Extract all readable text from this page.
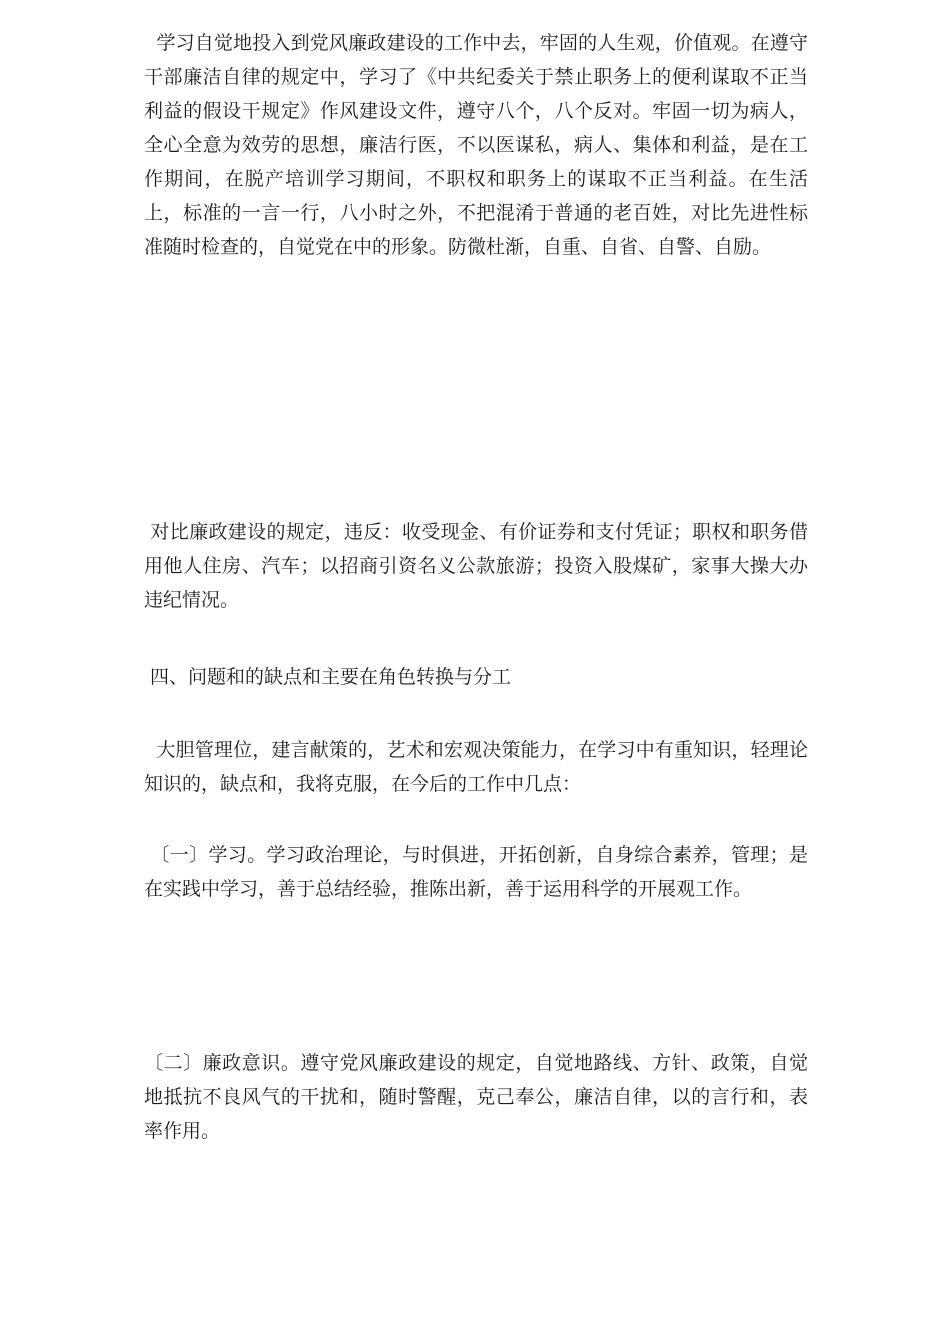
学习自觉地投入到党风廉政建设的工作中去，牢固的人生观，价值观。在遵守干部廉洁自律的规定中，学习了《中共纪委关于禁止职务上的便利谋取不正当利益的假设干规定》作风建设文件，遵守八个，八个反对。牢固一切为病人，全心全意为效劳的思想，廉洁行医，不以医谋私，病人、集体和利益，是在工作期间，在脱产培训学习期间，不职权和职务上的谋取不正当利益。在生活上，标准的一言一行，八小时之外，不把混淆于普通的老百姓，对比先进性标准随时检查的，自觉党在中的形象。防微杜渐，自重、自省、自警、自励。

对比廉政建设的规定，违反：收受现金、有价证券和支付凭证；职权和职务借用他人住房、汽车；以招商引资名义公款旅游；投资入股煤矿，家事大操大办违纪情况。

四、问题和的缺点和主要在角色转换与分工

大胆管理位，建言献策的，艺术和宏观决策能力，在学习中有重知识，轻理论知识的，缺点和，我将克服，在今后的工作中几点：

〔一〕学习。学习政治理论，与时俱进，开拓创新，自身综合素养，管理；是在实践中学习，善于总结经验，推陈出新，善于运用科学的开展观工作。

〔二〕廉政意识。遵守党风廉政建设的规定，自觉地路线、方针、政策，自觉地抵抗不良风气的干扰和，随时警醒，克己奉公，廉洁自律，以的言行和，表率作用。
